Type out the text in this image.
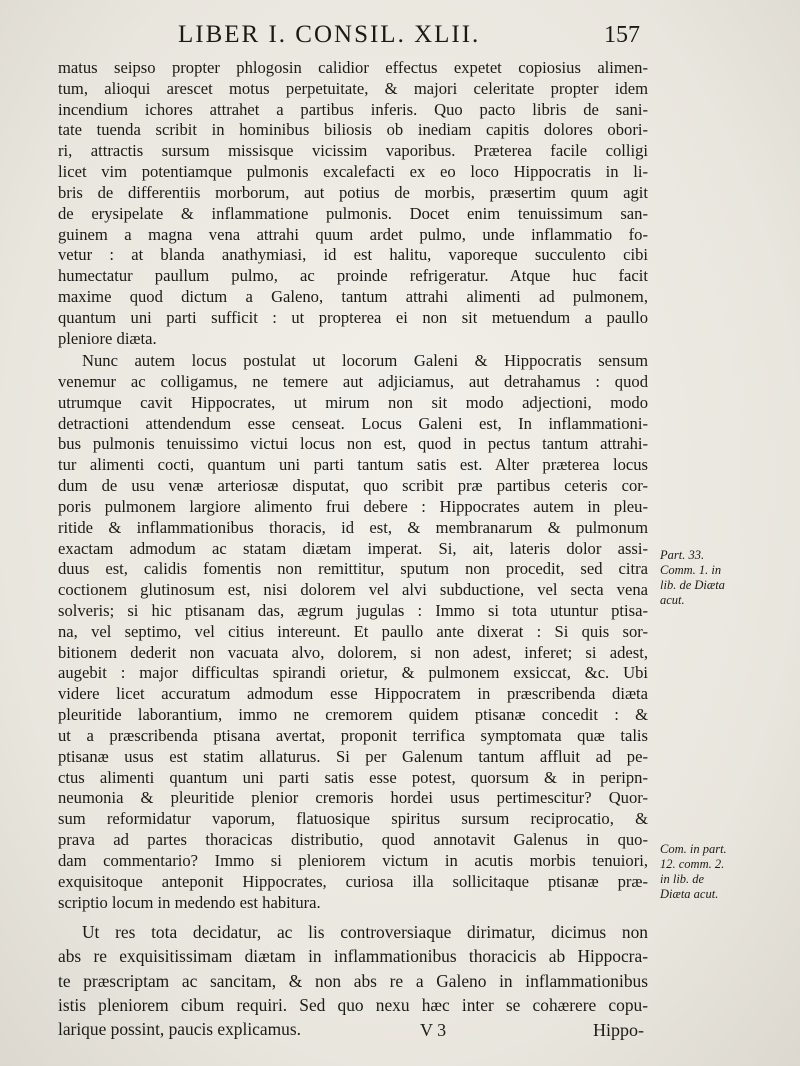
LIBER I. CONSIL. XLII.	157
matus seipso propter phlogosin calidior effectus expetet copiosius alimen-
tum, alioqui arescet motus perpetuitate, & majori celeritate propter idem
incendium ichores attrahet a partibus inferis. Quo pacto libris de sani-
tate tuenda scribit in hominibus biliosis ob inediam capitis dolores obori-
ri, attractis sursum missisque vicissim vaporibus. Præterea facile colligi
licet vim potentiamque pulmonis excalefacti ex eo loco Hippocratis in li-
bris de differentiis morborum, aut potius de morbis, præsertim quum agit
de erysipelate & inflammatione pulmonis. Docet enim tenuissimum san-
guinem a magna vena attrahi quum ardet pulmo, unde inflammatio fo-
vetur : at blanda anathymiasi, id est halitu, vaporeque succulento cibi
humectatur paullum pulmo, ac proinde refrigeratur. Atque huc facit
maxime quod dictum a Galeno, tantum attrahi alimenti ad pulmonem,
quantum uni parti sufficit : ut propterea ei non sit metuendum a paullo
pleniore diæta.
Nunc autem locus postulat ut locorum Galeni & Hippocratis sensum
venemur ac colligamus, ne temere aut adjiciamus, aut detrahamus : quod
utrumque cavit Hippocrates, ut mirum non sit modo adjectioni, modo
detractioni attendendum esse censeat. Locus Galeni est, In inflammationi-
bus pulmonis tenuissimo victui locus non est, quod in pectus tantum attrahi-
tur alimenti cocti, quantum uni parti tantum satis est. Alter præterea locus
dum de usu venæ arteriosæ disputat, quo scribit præ partibus ceteris cor-
poris pulmonem largiore alimento frui debere : Hippocrates autem in pleu-
ritide & inflammationibus thoracis, id est, & membranarum & pulmonum
exactam admodum ac statam diætam imperat. Si, ait, lateris dolor assi-
duus est, calidis fomentis non remittitur, sputum non procedit, sed citra
coctionem glutinosum est, nisi dolorem vel alvi subductione, vel secta vena
solveris; si hic ptisanam das, ægrum jugulas : Immo si tota utuntur ptisa-
na, vel septimo, vel citius intereunt. Et paullo ante dixerat : Si quis sor-
bitionem dederit non vacuata alvo, dolorem, si non adest, inferet; si adest,
augebit : major difficultas spirandi orietur, & pulmonem exsiccat, &c. Ubi
videre licet accuratum admodum esse Hippocratem in præscribenda diæta
pleuritide laborantium, immo ne cremorem quidem ptisanæ concedit : &
ut a præscribenda ptisana avertat, proponit terrifica symptomata quæ talis
ptisanæ usus est statim allaturus. Si per Galenum tantum affluit ad pe-
ctus alimenti quantum uni parti satis esse potest, quorsum & in peripn-
neumonia & pleuritide plenior cremoris hordei usus pertimescitur? Quor-
sum reformidatur vaporum, flatuosique spiritus sursum reciprocatio, &
prava ad partes thoracicas distributio, quod annotavit Galenus in quo-
dam commentario? Immo si pleniorem victum in acutis morbis tenuiori,
exquisitoque anteponit Hippocrates, curiosa illa sollicitaque ptisanæ præ-
scriptio locum in medendo est habitura.
Ut res tota decidatur, ac lis controversiaque dirimatur, dicimus non
abs re exquisitissimam diætam in inflammationibus thoracicis ab Hippocra-
te præscriptam ac sancitam, & non abs re a Galeno in inflammationibus
istis pleniorem cibum requiri. Sed quo nexu hæc inter se cohærere copu-
larique possint, paucis explicamus.
Part. 33.
Comm. 1. in
lib. de Diæta
acut.
Com. in part.
12. comm. 2.
in lib. de
Diæta acut.
V 3	Hippo-
